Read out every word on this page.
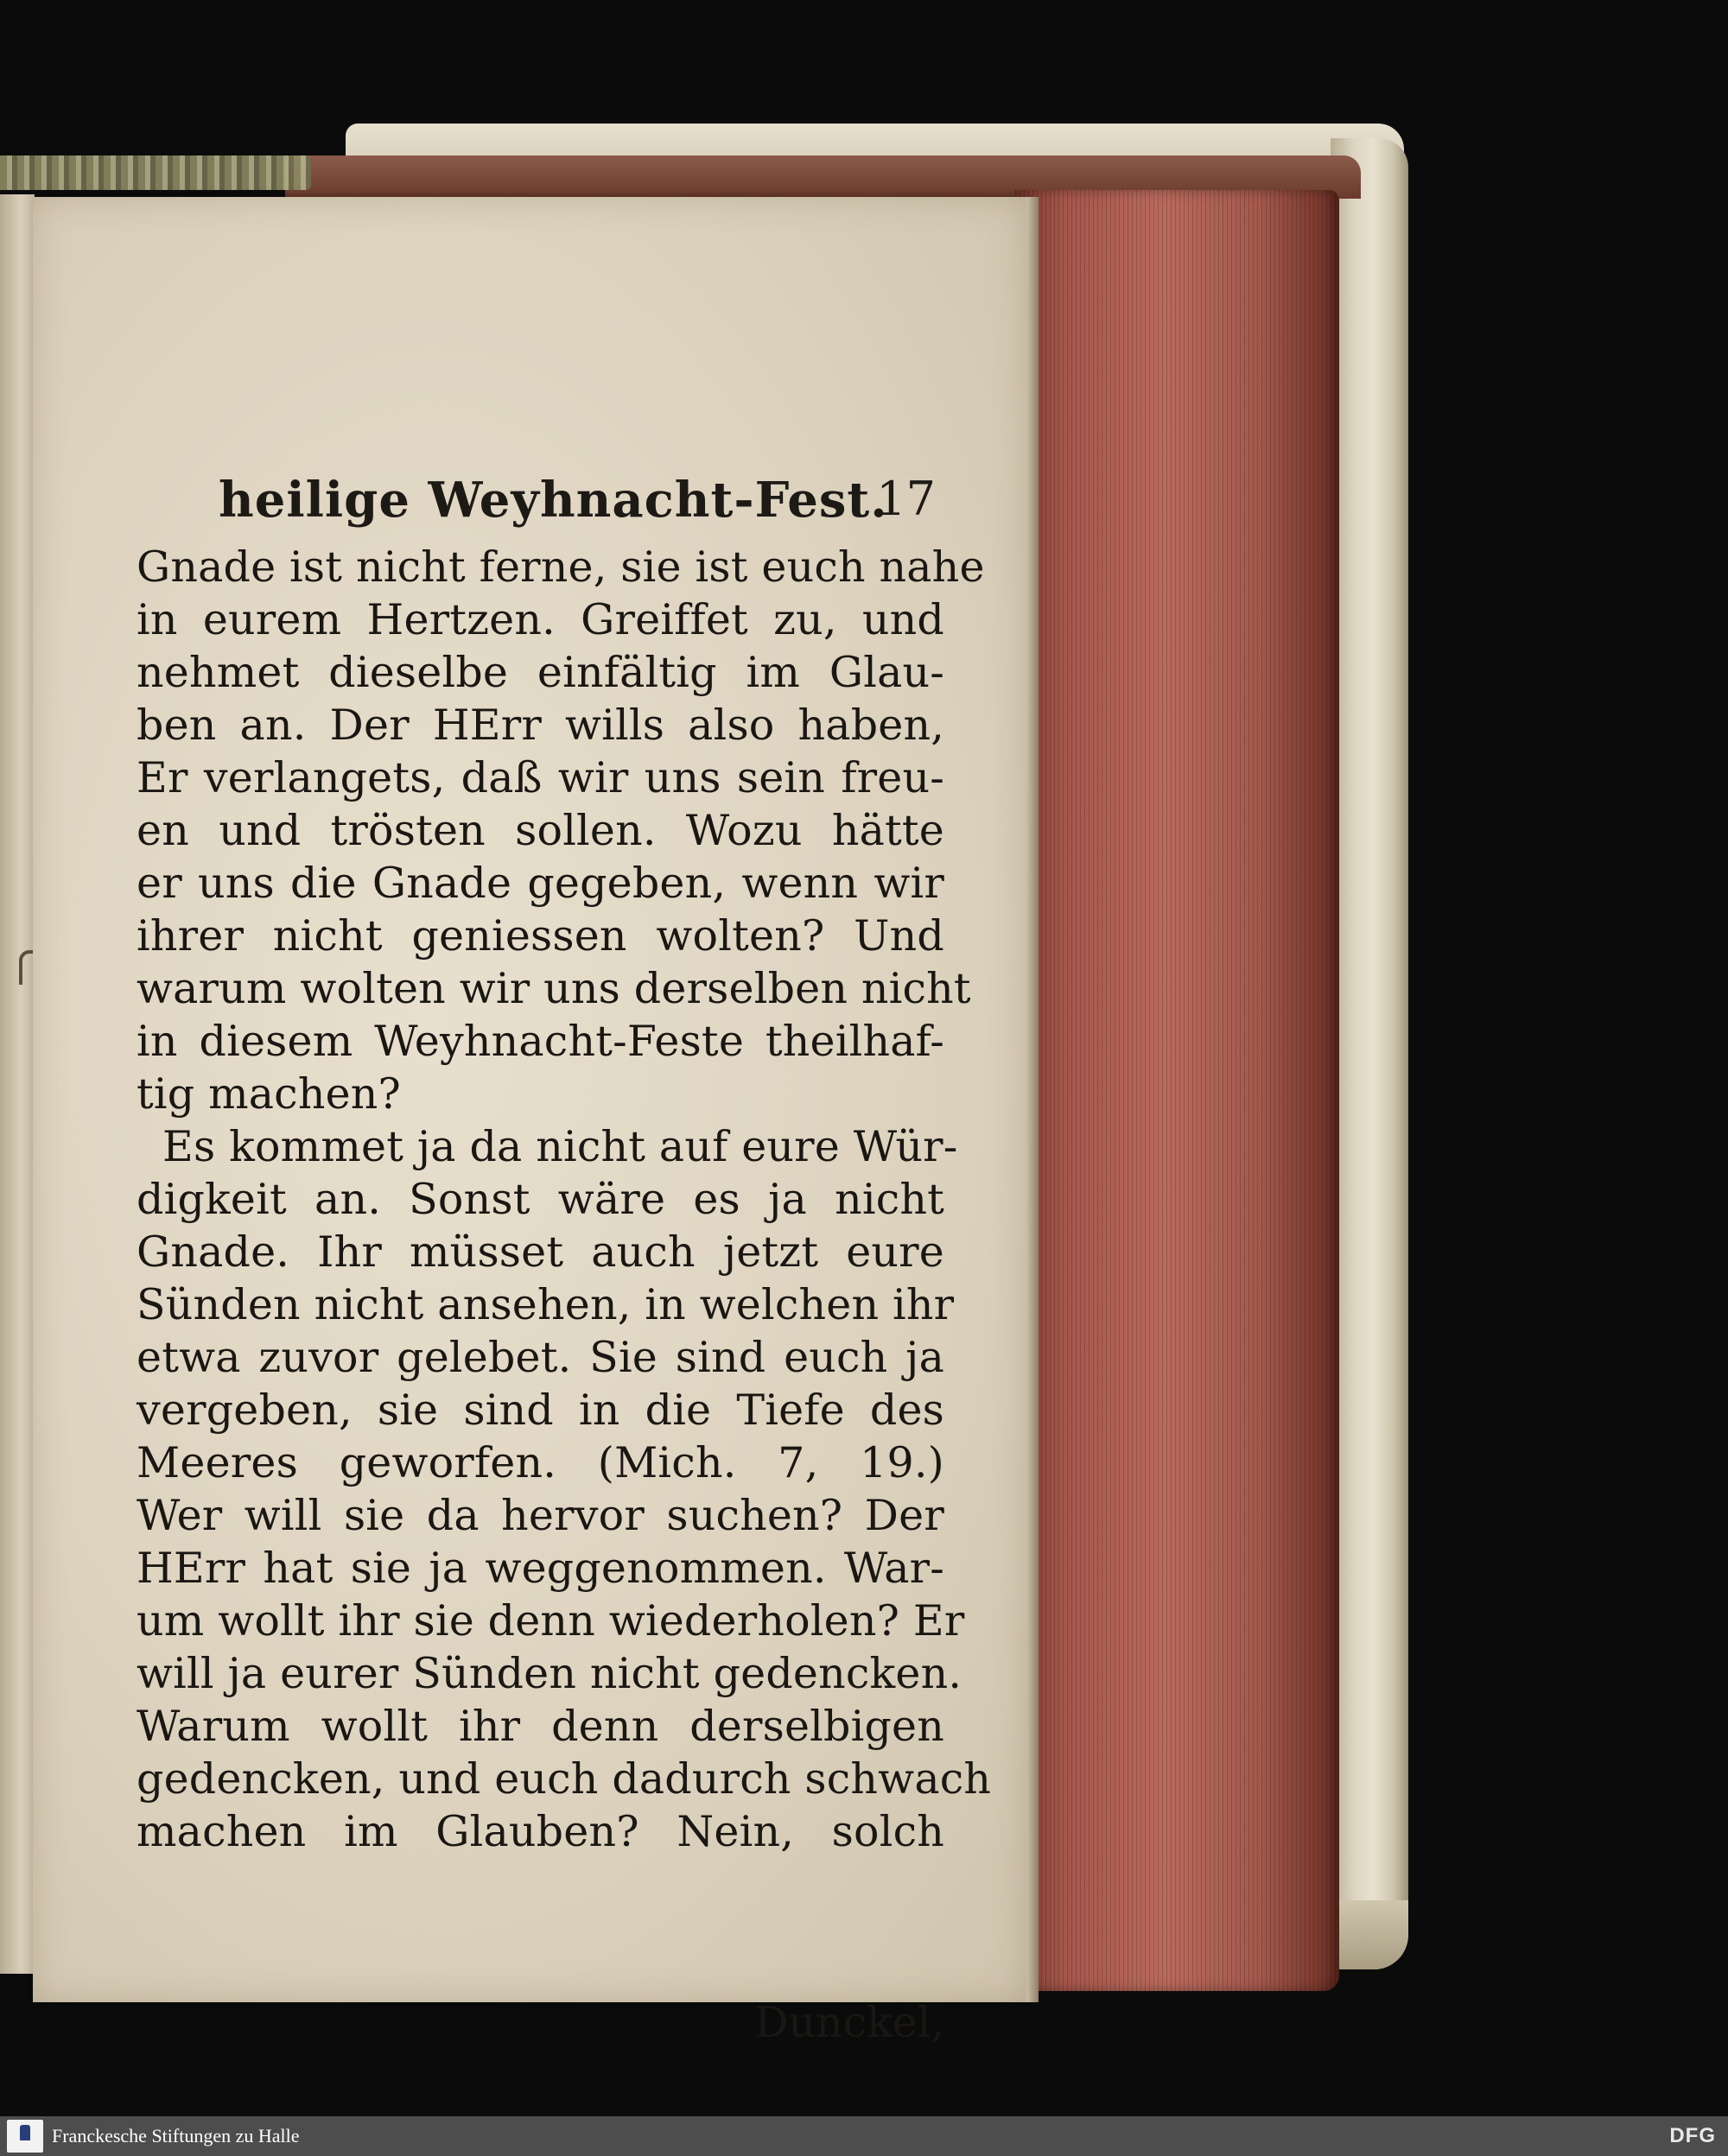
heilige Weyhnacht-Fest.
17
Gnade ist nicht ferne, sie ist euch nahe
in eurem Hertzen. Greiffet zu, und
nehmet dieselbe einfältig im Glau-
ben an. Der HErr wills also haben,
Er verlangets, daß wir uns sein freu-
en und trösten sollen. Wozu hätte
er uns die Gnade gegeben, wenn wir
ihrer nicht geniessen wolten? Und
warum wolten wir uns derselben nicht
in diesem Weyhnacht-Feste theilhaf-
tig machen?
Es kommet ja da nicht auf eure Wür-
digkeit an. Sonst wäre es ja nicht
Gnade. Ihr müsset auch jetzt eure
Sünden nicht ansehen, in welchen ihr
etwa zuvor gelebet. Sie sind euch ja
vergeben, sie sind in die Tiefe des
Meeres geworfen. (Mich. 7, 19.)
Wer will sie da hervor suchen? Der
HErr hat sie ja weggenommen. War-
um wollt ihr sie denn wiederholen? Er
will ja eurer Sünden nicht gedencken.
Warum wollt ihr denn derselbigen
gedencken, und euch dadurch schwach
machen im Glauben? Nein, solch
Dunckel,
Franckesche Stiftungen zu Halle	DFG
